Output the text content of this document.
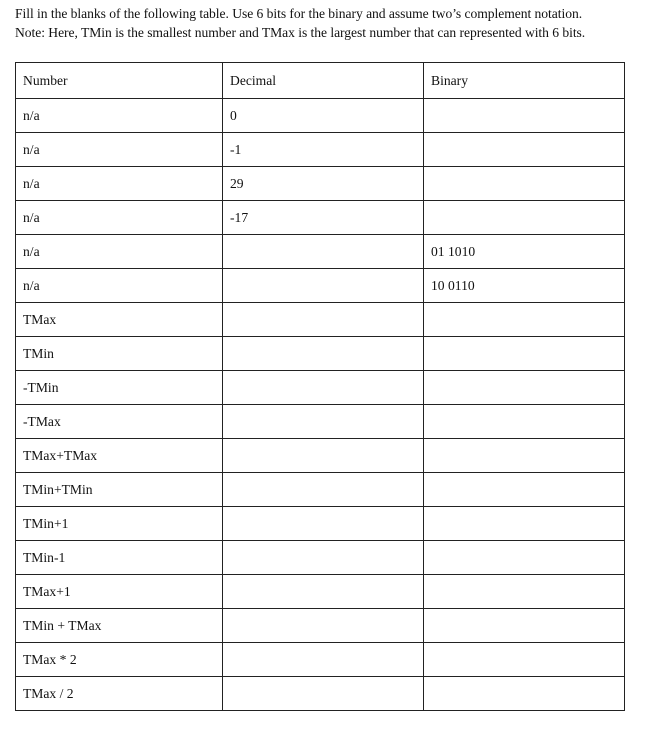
Fill in the blanks of the following table. Use 6 bits for the binary and assume two’s complement notation.

Note: Here, TMin is the smallest number and TMax is the largest number that can represented with 6 bits.

Number	Decimal	Binary
n/a	0	
n/a	-1	
n/a	29	
n/a	-17	
n/a		01 1010
n/a		10 0110
TMax		
TMin		
-TMin		
-TMax		
TMax+TMax		
TMin+TMin		
TMin+1		
TMin-1		
TMax+1		
TMin + TMax		
TMax * 2		
TMax / 2		
